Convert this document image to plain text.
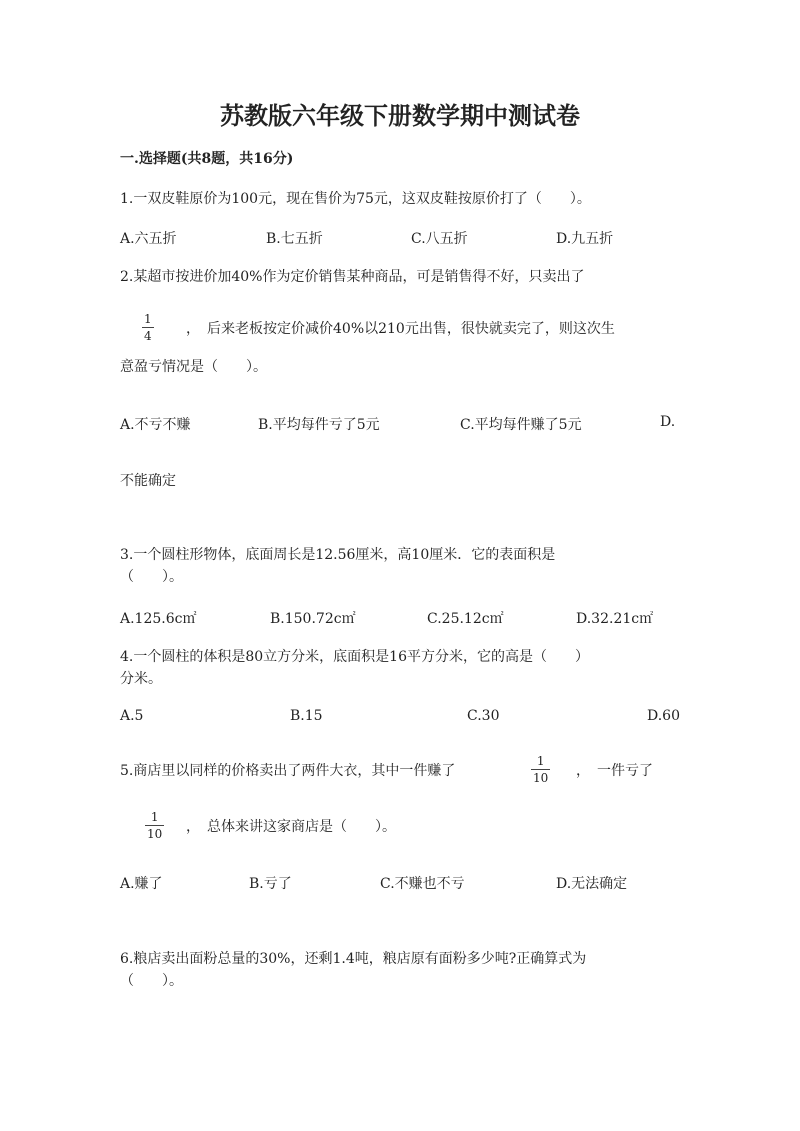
苏教版六年级下册数学期中测试卷
一.选择题(共8题，共16分)
1.一双皮鞋原价为100元，现在售价为75元，这双皮鞋按原价打了（　　）。
A.六五折	B.七五折	C.八五折	D.九五折
2.某超市按进价加40%作为定价销售某种商品，可是销售得不好，只卖出了
1
4 ，　后来老板按定价减价40%以210元出售，很快就卖完了，则这次生
意盈亏情况是（　　）。
A.不亏不赚	B.平均每件亏了5元	C.平均每件赚了5元	D.
不能确定
3.一个圆柱形物体，底面周长是12.56厘米，高10厘米．它的表面积是
（　　）。
A.125.6c㎡	B.150.72c㎡	C.25.12c㎡	D.32.21c㎡
4.一个圆柱的体积是80立方分米，底面积是16平方分米，它的高是（　　）
分米。
A.5	B.15	C.30	D.60
5.商店里以同样的价格卖出了两件大衣，其中一件赚了
1
10 ，　一件亏了
1
10 ，　总体来讲这家商店是（　　）。
A.赚了	B.亏了	C.不赚也不亏	D.无法确定
6.粮店卖出面粉总量的30%，还剩1.4吨，粮店原有面粉多少吨?正确算式为
（　　）。
